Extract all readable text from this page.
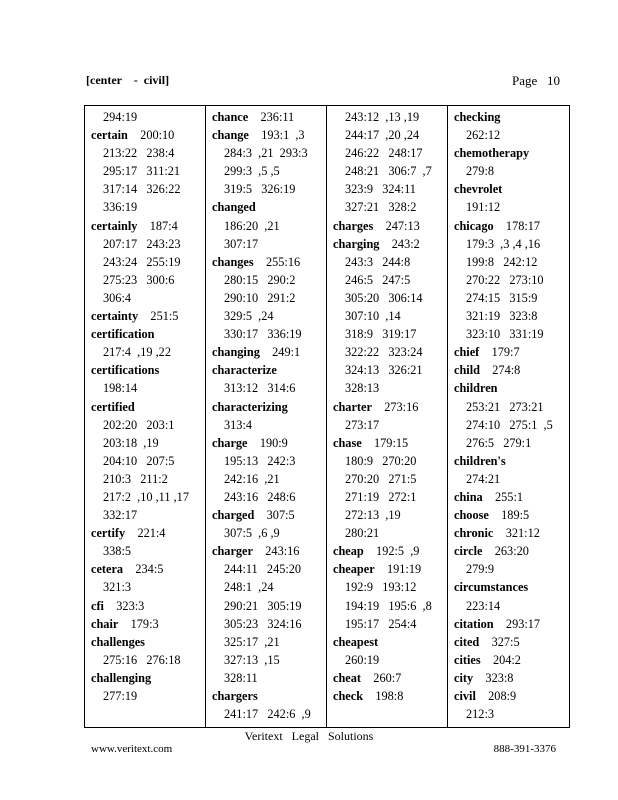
[center    -  civil]	Page   10
294:19
certain  200:10
213:22   238:4
295:17   311:21
317:14   326:22
336:19
certainly  187:4
207:17   243:23
243:24   255:19
275:23   300:6
306:4
certainty  251:5
certification
217:4  ,19 ,22
certifications
198:14
certified
202:20   203:1
203:18  ,19
204:10   207:5
210:3   211:2
217:2  ,10 ,11 ,17
332:17
certify  221:4
338:5
cetera  234:5
321:3
cfi  323:3
chair  179:3
challenges
275:16   276:18
challenging
277:19
chance  236:11
change  193:1  ,3
284:3  ,21  293:3
299:3  ,5 ,5
319:5   326:19
changed
186:20  ,21
307:17
changes  255:16
280:15   290:2
290:10   291:2
329:5  ,24
330:17   336:19
changing  249:1
characterize
313:12   314:6
characterizing
313:4
charge  190:9
195:13   242:3
242:16  ,21
243:16   248:6
charged  307:5
307:5  ,6 ,9
charger  243:16
244:11   245:20
248:1  ,24
290:21   305:19
305:23   324:16
325:17  ,21
327:13  ,15
328:11
chargers
241:17   242:6  ,9
243:12  ,13 ,19
244:17  ,20 ,24
246:22   248:17
248:21   306:7  ,7
323:9   324:11
327:21   328:2
charges  247:13
charging  243:2
243:3   244:8
246:5   247:5
305:20   306:14
307:10  ,14
318:9   319:17
322:22   323:24
324:13   326:21
328:13
charter  273:16
273:17
chase  179:15
180:9   270:20
270:20   271:5
271:19   272:1
272:13  ,19
280:21
cheap  192:5  ,9
cheaper  191:19
192:9   193:12
194:19   195:6  ,8
195:17   254:4
cheapest
260:19
cheat  260:7
check  198:8
checking
262:12
chemotherapy
279:8
chevrolet
191:12
chicago  178:17
179:3  ,3 ,4 ,16
199:8   242:12
270:22   273:10
274:15   315:9
321:19   323:8
323:10   331:19
chief  179:7
child  274:8
children
253:21   273:21
274:10   275:1  ,5
276:5   279:1
children's
274:21
china  255:1
choose  189:5
chronic  321:12
circle  263:20
279:9
circumstances
223:14
citation  293:17
cited  327:5
cities  204:2
city  323:8
civil  208:9
212:3
Veritext   Legal   Solutions
www.veritext.com	888-391-3376
